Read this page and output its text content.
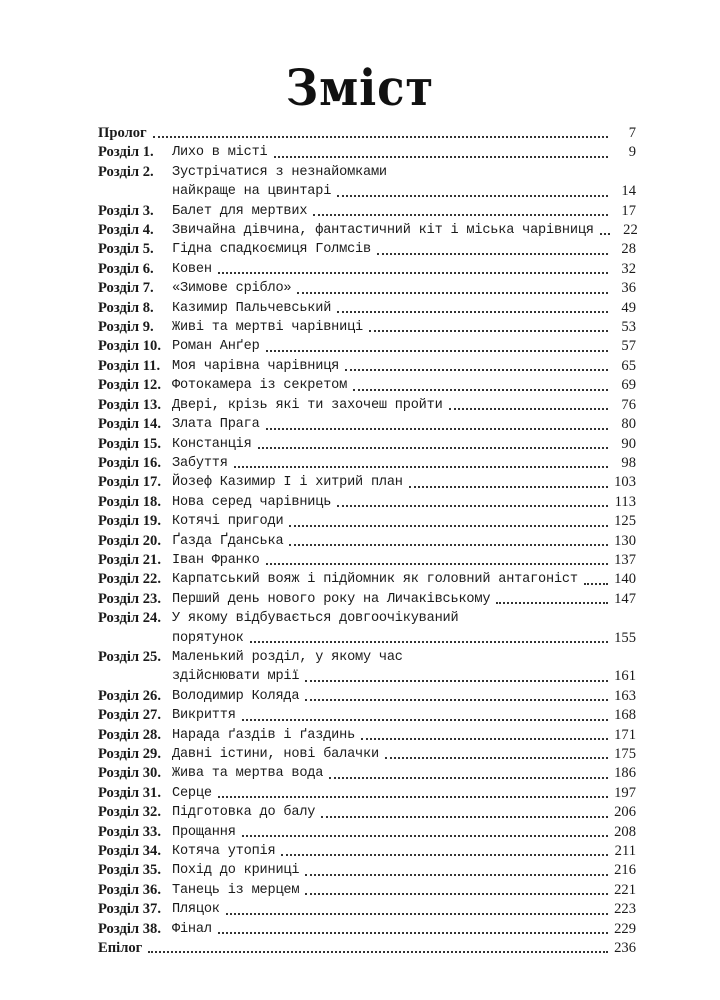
Зміст
Пролог	7
Розділ 1.	Лихо в місті	9
Розділ 2.	Зустрічатися з незнайомками
найкраще на цвинтарі	14
Розділ 3.	Балет для мертвих	17
Розділ 4.	Звичайна дівчина, фантастичний кіт і міська чарівниця	22
Розділ 5.	Гідна спадкоємиця Голмсів	28
Розділ 6.	Ковен	32
Розділ 7.	«Зимове срібло»	36
Розділ 8.	Казимир Пальчевський	49
Розділ 9.	Живі та мертві чарівниці	53
Розділ 10. Роман Анґер	57
Розділ 11. Моя чарівна чарівниця	65
Розділ 12. Фотокамера із секретом	69
Розділ 13. Двері, крізь які ти захочеш пройти	76
Розділ 14. Злата Прага	80
Розділ 15. Констанція	90
Розділ 16. Забуття	98
Розділ 17. Йозеф Казимир І і хитрий план	103
Розділ 18. Нова серед чарівниць	113
Розділ 19. Котячі пригоди	125
Розділ 20. Ґазда Ґданська	130
Розділ 21. Іван Франко	137
Розділ 22. Карпатський вояж і підйомник як головний антагоніст 140
Розділ 23. Перший день нового року на Личаківському	147
Розділ 24. У якому відбувається довгоочікуваний
порятунок	155
Розділ 25. Маленький розділ, у якому час
здійснювати мрії	161
Розділ 26. Володимир Коляда	163
Розділ 27. Викриття	168
Розділ 28. Нарада ґаздів і ґаздинь	171
Розділ 29. Давні істини, нові балачки	175
Розділ 30. Жива та мертва вода	186
Розділ 31. Серце	197
Розділ 32. Підготовка до балу	206
Розділ 33. Прощання	208
Розділ 34. Котяча утопія	211
Розділ 35. Похід до криниці	216
Розділ 36. Танець із мерцем	221
Розділ 37. Пляцок	223
Розділ 38. Фінал	229
Епілог	236
